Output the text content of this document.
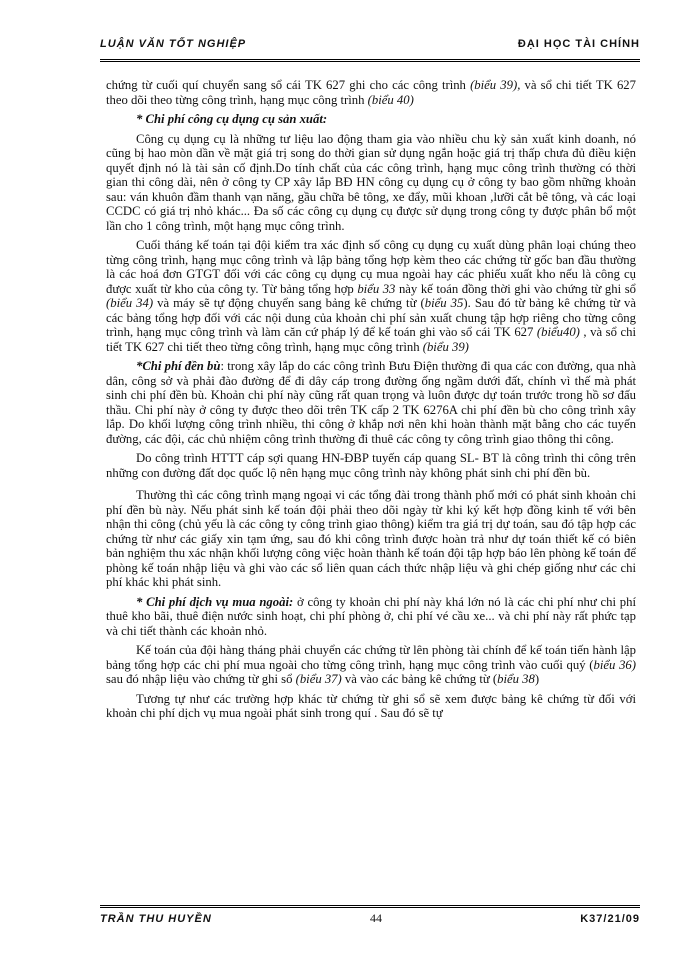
LUẬN VĂN TỐT NGHIỆP	ĐẠI HỌC TÀI CHÍNH

chứng từ cuối quí chuyển sang sổ cái TK 627 ghi cho các công trình (biểu 39), và sổ chi tiết TK 627 theo dõi theo từng công trình, hạng mục công trình (biểu 40)

* Chi phí công cụ dụng cụ sản xuất:

Công cụ dụng cụ là những tư liệu lao động tham gia vào nhiều chu kỳ sản xuất kinh doanh, nó cũng bị hao mòn dần về mặt giá trị song do thời gian sử dụng ngắn hoặc giá trị thấp chưa đủ điều kiện quyết định nó là tài sản cố định.Do tính chất của các công trình, hạng mục công trình thường có thời gian thi công dài, nên ở công ty CP xây lắp BĐ HN công cụ dụng cụ ở công ty bao gồm những khoản sau: ván khuôn đầm thanh vạn năng, gầu chữa bê tông, xe đẩy, mũi khoan ,lưỡi cắt bê tông, và các loại CCDC có giá trị nhỏ khác... Đa số các công cụ dụng cụ được sử dụng trong công ty được phân bổ một lần cho 1 công trình, một hạng mục công trình.

Cuối tháng kế toán tại đội kiểm tra xác định số công cụ dụng cụ xuất dùng phân loại chúng theo từng công trình, hạng mục công trình và lập bảng tổng hợp kèm theo các chứng từ gốc ban đầu thường là các hoá đơn GTGT đối với các công cụ dụng cụ mua ngoài hay các phiếu xuất kho nếu là công cụ được xuất từ kho của công ty. Từ bảng tổng hợp biểu 33 này kế toán đồng thời ghi vào chứng từ ghi sổ (biểu 34) và máy sẽ tự động chuyển sang bảng kê chứng từ (biểu 35). Sau đó từ bảng kê chứng từ và các bảng tổng hợp đối với các nội dung của khoản chi phí sản xuất chung tập hợp riêng cho từng công trình, hạng mục công trình và làm căn cứ pháp lý để kế toán ghi vào sổ cái TK 627 (biểu40) , và sổ chi tiết TK 627 chi tiết theo từng công trình, hạng mục công trình (biểu 39)

*Chi phí đền bù: trong xây lắp do các công trình Bưu Điện thường đi qua các con đường, qua nhà dân, công sở và phải đào đường để đi dây cáp trong đường ống ngầm dưới đất, chính vì thế mà phát sinh chi phí đền bù. Khoản chi phí này cũng rất quan trọng và luôn được dự toán trước trong hồ sơ đấu thầu. Chi phí này ở công ty được theo dõi trên TK cấp 2 TK 6276A chi phí đền bù cho công trình xây lắp. Do khối lượng công trình nhiều, thi công ở khắp nơi nên khi hoàn thành mặt bằng cho các tuyến đường, các đội, các chủ nhiệm công trình thường đi thuê các công ty công trình giao thông thi công.

Do công trình HTTT cáp sợi quang HN-ĐBP tuyến cáp quang SL- BT là công trình thi công trên những con đường đất dọc quốc lộ nên hạng mục công trình này không phát sinh chi phí đền bù.

Thường thì các công trình mạng ngoại vi các tổng đài trong thành phố mới có phát sinh khoản chi phí đền bù này. Nếu phát sinh kế toán đội phải theo dõi ngày từ khi ký kết hợp đồng kinh tế với bên nhận thi công (chủ yếu là các công ty công trình giao thông) kiểm tra giá trị dự toán, sau đó tập hợp các chứng từ như các giấy xin tạm ứng, sau đó khi công trình được hoàn trả như dự toán thiết kế có biên bản nghiệm thu xác nhận khối lượng công việc hoàn thành kế toán đội tập hợp báo lên phòng kế toán để phòng kế toán nhập liệu và ghi vào các sổ liên quan cách thức nhập liệu và ghi chép giống như các chi phí khác khi phát sinh.

* Chi phí dịch vụ mua ngoài: ở công ty khoản chi phí này khá lớn nó là các chi phí như chi phí thuê kho bãi, thuê điện nước sinh hoạt, chi phí phòng ở, chi phí vé cầu xe... và chi phí này rất phức tạp và chi tiết thành các khoản nhỏ.

Kế toán của đội hàng tháng phải chuyển các chứng từ lên phòng tài chính để kế toán tiến hành lập bảng tổng hợp các chi phí mua ngoài cho từng công trình, hạng mục công trình vào cuối quý (biểu 36) sau đó nhập liệu vào chứng từ ghi sổ (biểu 37) và vào các bảng kê chứng từ (biểu 38)

Tương tự như các trường hợp khác từ chứng từ ghi sổ sẽ xem được bảng kê chứng từ đối với khoản chi phí dịch vụ mua ngoài phát sinh trong quí . Sau đó sẽ tự

TRẦN THU HUYỀN	44	K37/21/09
